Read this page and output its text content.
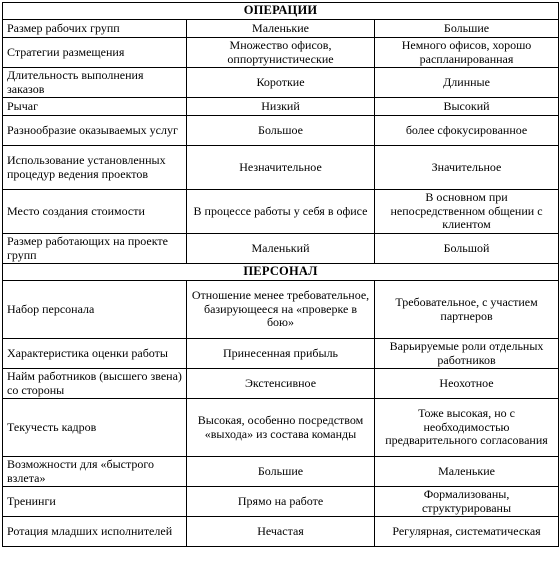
ОПЕРАЦИИ		
Размер рабочих групп	Маленькие	Большие
Стратегии размещения	Множество офисов, оппортунистические	Немного офисов, хорошо распланированная
Длительность выполнения заказов	Короткие	Длинные
Рычаг	Низкий	Высокий
Разнообразие оказываемых услуг	Большое	более сфокусированное
Использование установленных процедур ведения проектов	Незначительное	Значительное
Место создания стоимости	В процессе работы у себя в офисе	В основном при непосредственном общении с клиентом
Размер работающих на проекте групп	Маленький	Большой
ПЕРСОНАЛ		
Набор персонала	Отношение менее требовательное, базирующееся на «проверке в бою»	Требовательное, с участием партнеров
Характеристика оценки работы	Принесенная прибыль	Варьируемые роли отдельных работников
Найм работников (высшего звена) со стороны	Экстенсивное	Неохотное
Текучесть кадров	Высокая, особенно посредством «выхода» из состава команды	Тоже высокая, но с необходимостью предварительного согласования
Возможности для «быстрого взлета»	Большие	Маленькие
Тренинги	Прямо на работе	Формализованы, структурированы
Ротация младших исполнителей	Нечастая	Регулярная, систематическая
